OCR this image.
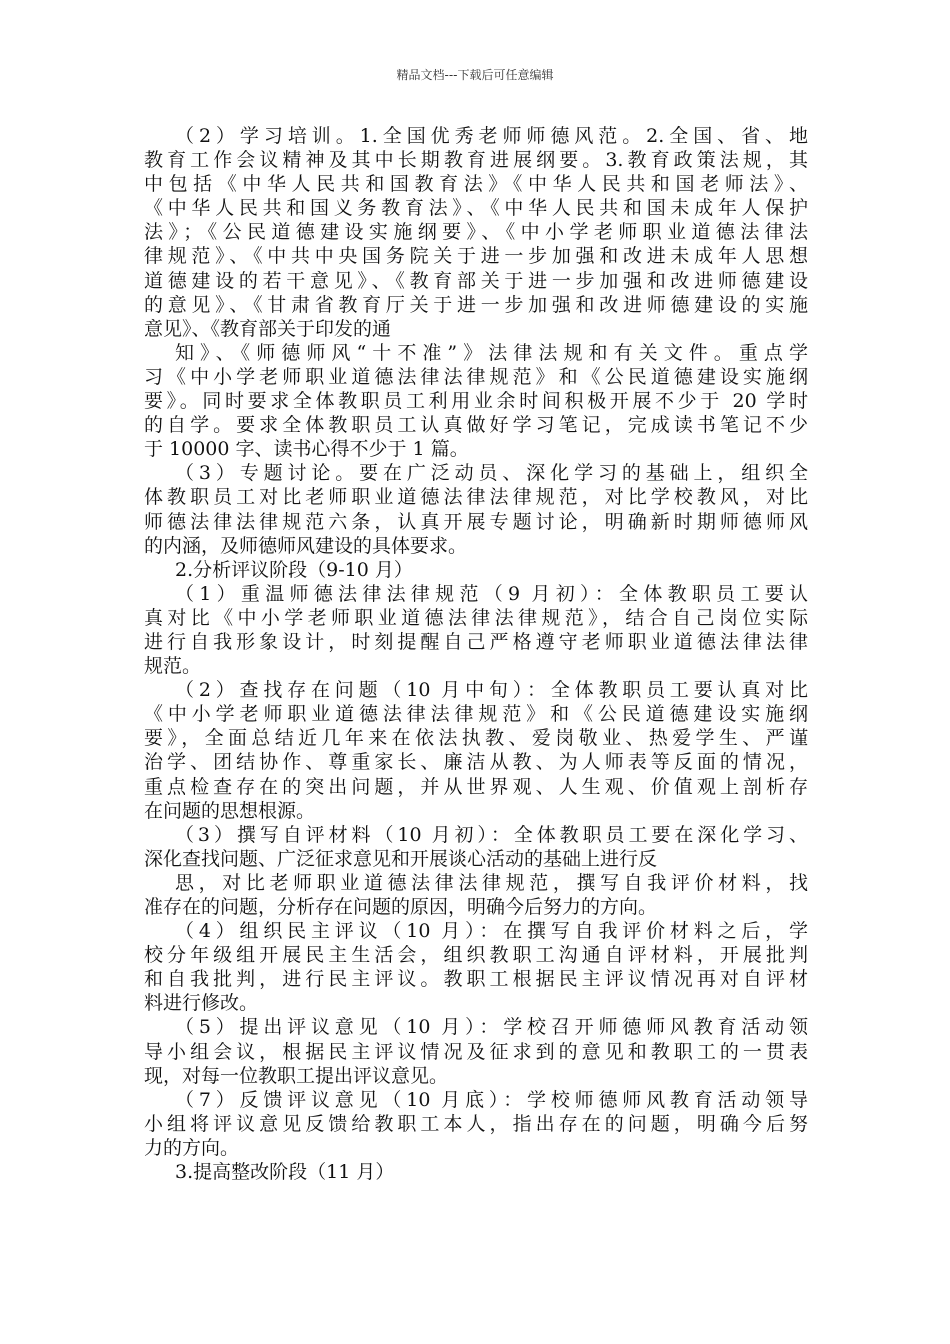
精品文档---下载后可任意编辑
（2）学习培训。1.全国优秀老师师德风范。2.全国、省、地
教育工作会议精神及其中长期教育进展纲要。3.教育政策法规，其
中包括《中华人民共和国教育法》《中华人民共和国老师法》、
《中华人民共和国义务教育法》、《中华人民共和国未成年人保护
法》；《公民道德建设实施纲要》、《中小学老师职业道德法律法
律规范》、《中共中央国务院关于进一步加强和改进未成年人思想
道德建设的若干意见》、《教育部关于进一步加强和改进师德建设
的意见》、《甘肃省教育厅关于进一步加强和改进师德建设的实施
意见》、《教育部关于印发的通
知》、《师德师风“十不准”》法律法规和有关文件。重点学
习《中小学老师职业道德法律法律规范》和《公民道德建设实施纲
要》。同时要求全体教职员工利用业余时间积极开展不少于 20 学时
的自学。要求全体教职员工认真做好学习笔记，完成读书笔记不少
于 10000 字、读书心得不少于 1 篇。
（3）专题讨论。要在广泛动员、深化学习的基础上，组织全
体教职员工对比老师职业道德法律法律规范，对比学校教风，对比
师德法律法律规范六条，认真开展专题讨论，明确新时期师德师风
的内涵，及师德师风建设的具体要求。
2.分析评议阶段（9-10 月）
（1）重温师德法律法律规范（9 月初）：全体教职员工要认
真对比《中小学老师职业道德法律法律规范》，结合自己岗位实际
进行自我形象设计，时刻提醒自己严格遵守老师职业道德法律法律
规范。
（2）查找存在问题（10 月中旬）：全体教职员工要认真对比
《中小学老师职业道德法律法律规范》和《公民道德建设实施纲
要》，全面总结近几年来在依法执教、爱岗敬业、热爱学生、严谨
治学、团结协作、尊重家长、廉洁从教、为人师表等反面的情况，
重点检查存在的突出问题，并从世界观、人生观、价值观上剖析存
在问题的思想根源。
（3）撰写自评材料（10 月初）：全体教职员工要在深化学习、
深化查找问题、广泛征求意见和开展谈心活动的基础上进行反
思，对比老师职业道德法律法律规范，撰写自我评价材料，找
准存在的问题，分析存在问题的原因，明确今后努力的方向。
（4）组织民主评议（10 月）：在撰写自我评价材料之后，学
校分年级组开展民主生活会，组织教职工沟通自评材料，开展批判
和自我批判，进行民主评议。教职工根据民主评议情况再对自评材
料进行修改。
（5）提出评议意见（10 月）：学校召开师德师风教育活动领
导小组会议，根据民主评议情况及征求到的意见和教职工的一贯表
现，对每一位教职工提出评议意见。
（7）反馈评议意见（10 月底）：学校师德师风教育活动领导
小组将评议意见反馈给教职工本人，指出存在的问题，明确今后努
力的方向。
3.提高整改阶段（11 月）
